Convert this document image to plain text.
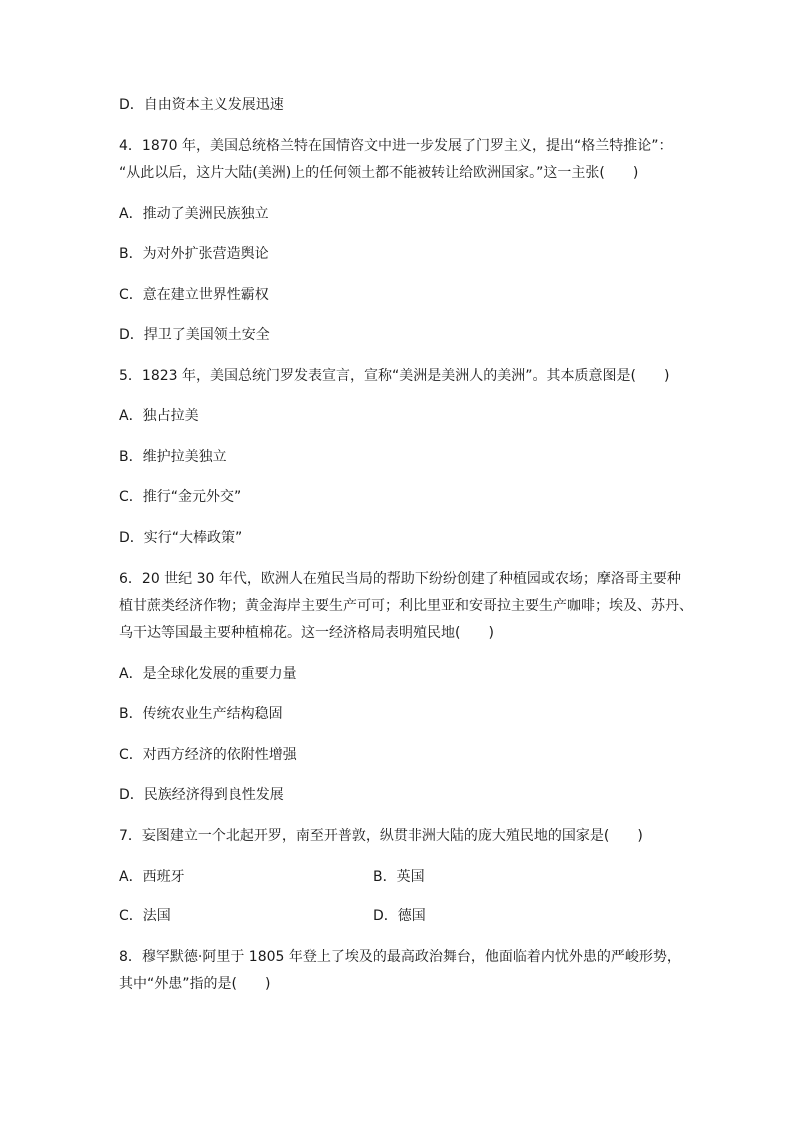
D．自由资本主义发展迅速
4．1870 年，美国总统格兰特在国情咨文中进一步发展了门罗主义，提出“格兰特推论”：
“从此以后，这片大陆(美洲)上的任何领土都不能被转让给欧洲国家。”这一主张(　　)
A．推动了美洲民族独立
B．为对外扩张营造舆论
C．意在建立世界性霸权
D．捍卫了美国领土安全
5．1823 年，美国总统门罗发表宣言，宣称“美洲是美洲人的美洲”。其本质意图是(　　)
A．独占拉美
B．维护拉美独立
C．推行“金元外交”
D．实行“大棒政策”
6．20 世纪 30 年代，欧洲人在殖民当局的帮助下纷纷创建了种植园或农场；摩洛哥主要种
植甘蔗类经济作物；黄金海岸主要生产可可；利比里亚和安哥拉主要生产咖啡；埃及、苏丹、
乌干达等国最主要种植棉花。这一经济格局表明殖民地(　　)
A．是全球化发展的重要力量
B．传统农业生产结构稳固
C．对西方经济的依附性增强
D．民族经济得到良性发展
7．妄图建立一个北起开罗，南至开普敦，纵贯非洲大陆的庞大殖民地的国家是(　　)
A．西班牙	B．英国
C．法国	D．德国
8．穆罕默德·阿里于 1805 年登上了埃及的最高政治舞台，他面临着内忧外患的严峻形势，
其中“外患”指的是(　　)
